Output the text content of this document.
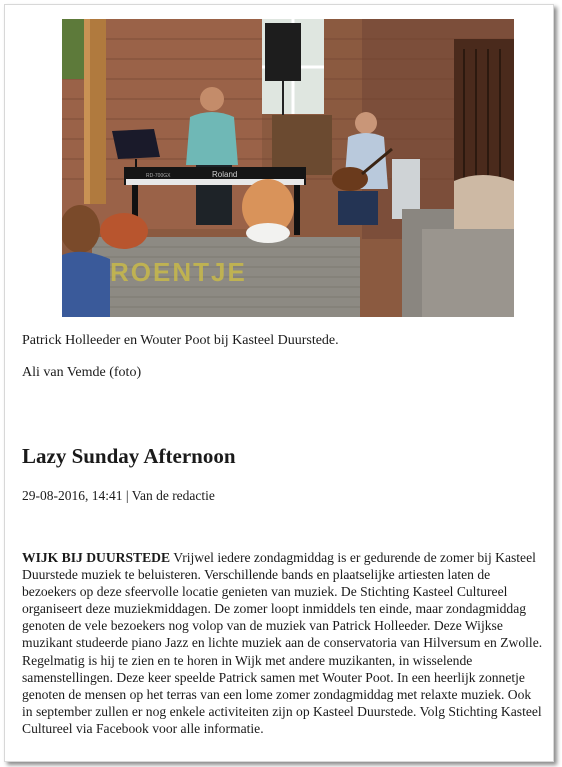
Roland
RD-700GX
ROENTJE
Patrick Holleeder en Wouter Poot bij Kasteel Duurstede.
Ali van Vemde (foto)
Lazy Sunday Afternoon
29-08-2016, 14:41 | Van de redactie

WIJK BIJ DUURSTEDE Vrijwel iedere zondagmiddag is er gedurende de zomer bij Kasteel Duurstede muziek te beluisteren. Verschillende bands en plaatselijke artiesten laten de bezoekers op deze sfeervolle locatie genieten van muziek. De Stichting Kasteel Cultureel organiseert deze muziekmiddagen. De zomer loopt inmiddels ten einde, maar zondagmiddag genoten de vele bezoekers nog volop van de muziek van Patrick Holleeder. Deze Wijkse muzikant studeerde piano Jazz en lichte muziek aan de conservatoria van Hilversum en Zwolle. Regelmatig is hij te zien en te horen in Wijk met andere muzikanten, in wisselende samenstellingen. Deze keer speelde Patrick samen met Wouter Poot. In een heerlijk zonnetje genoten de mensen op het terras van een lome zomer zondagmiddag met relaxte muziek. Ook in september zullen er nog enkele activiteiten zijn op Kasteel Duurstede. Volg Stichting Kasteel Cultureel via Facebook voor alle informatie.
